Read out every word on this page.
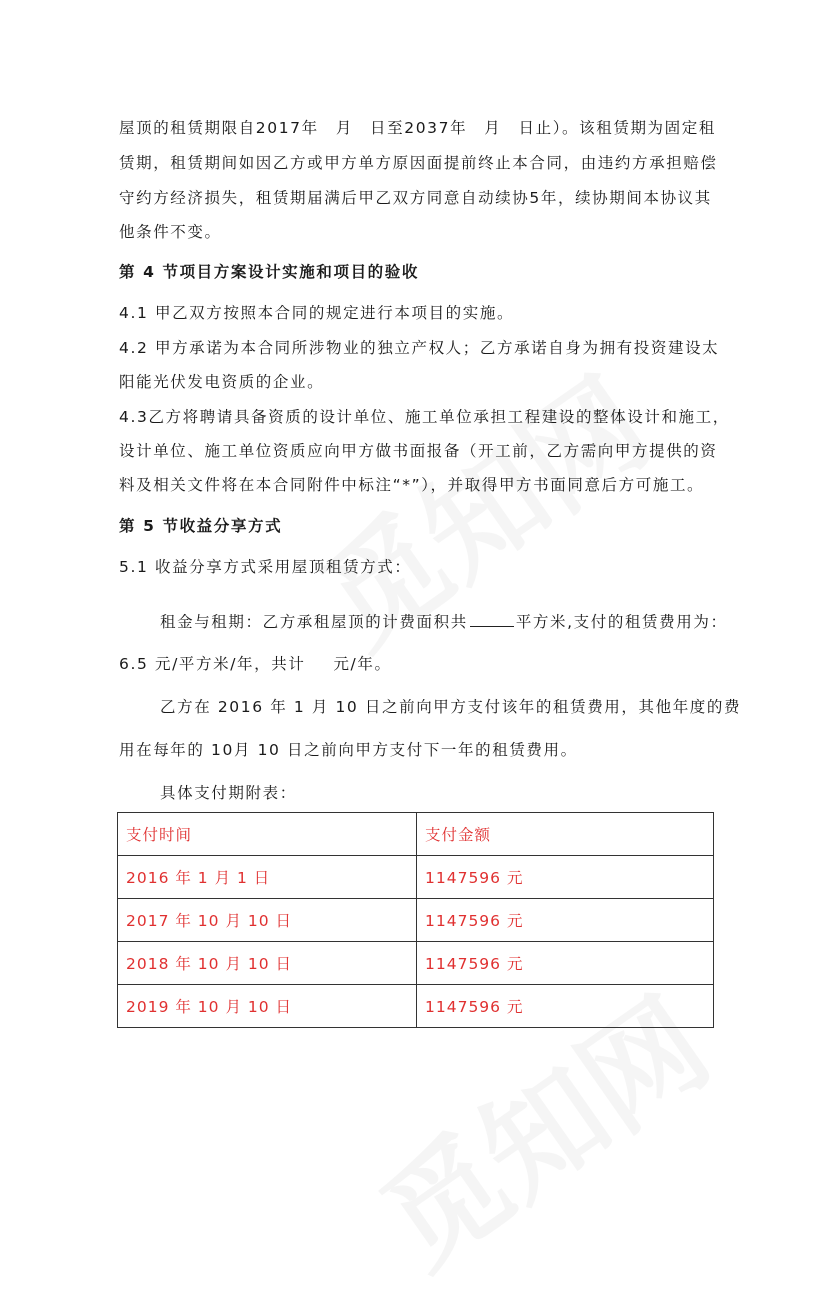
屋顶的租赁期限自2017年　月　日至2037年　月　日止）。该租赁期为固定租
赁期，租赁期间如因乙方或甲方单方原因面提前终止本合同，由违约方承担赔偿
守约方经济损失，租赁期届满后甲乙双方同意自动续协5年，续协期间本协议其
他条件不变。
第 4 节项目方案设计实施和项目的验收
4.1 甲乙双方按照本合同的规定进行本项目的实施。
4.2 甲方承诺为本合同所涉物业的独立产权人；乙方承诺自身为拥有投资建设太
阳能光伏发电资质的企业。
4.3乙方将聘请具备资质的设计单位、施工单位承担工程建设的整体设计和施工，
设计单位、施工单位资质应向甲方做书面报备（开工前，乙方需向甲方提供的资
料及相关文件将在本合同附件中标注“*”），并取得甲方书面同意后方可施工。
第 5 节收益分享方式
5.1 收益分享方式采用屋顶租赁方式：
租金与租期：乙方承租屋顶的计费面积共	平方米,支付的租赁费用为：
6.5 元/平方米/年，共计 元/年。
乙方在 2016 年 1 月 10 日之前向甲方支付该年的租赁费用，其他年度的费
用在每年的 10月 10 日之前向甲方支付下一年的租赁费用。
具体支付期附表：
支付时间	支付金额
2016 年 1 月 1 日	1147596 元
2017 年 10 月 10 日	1147596 元
2018 年 10 月 10 日	1147596 元
2019 年 10 月 10 日	1147596 元
